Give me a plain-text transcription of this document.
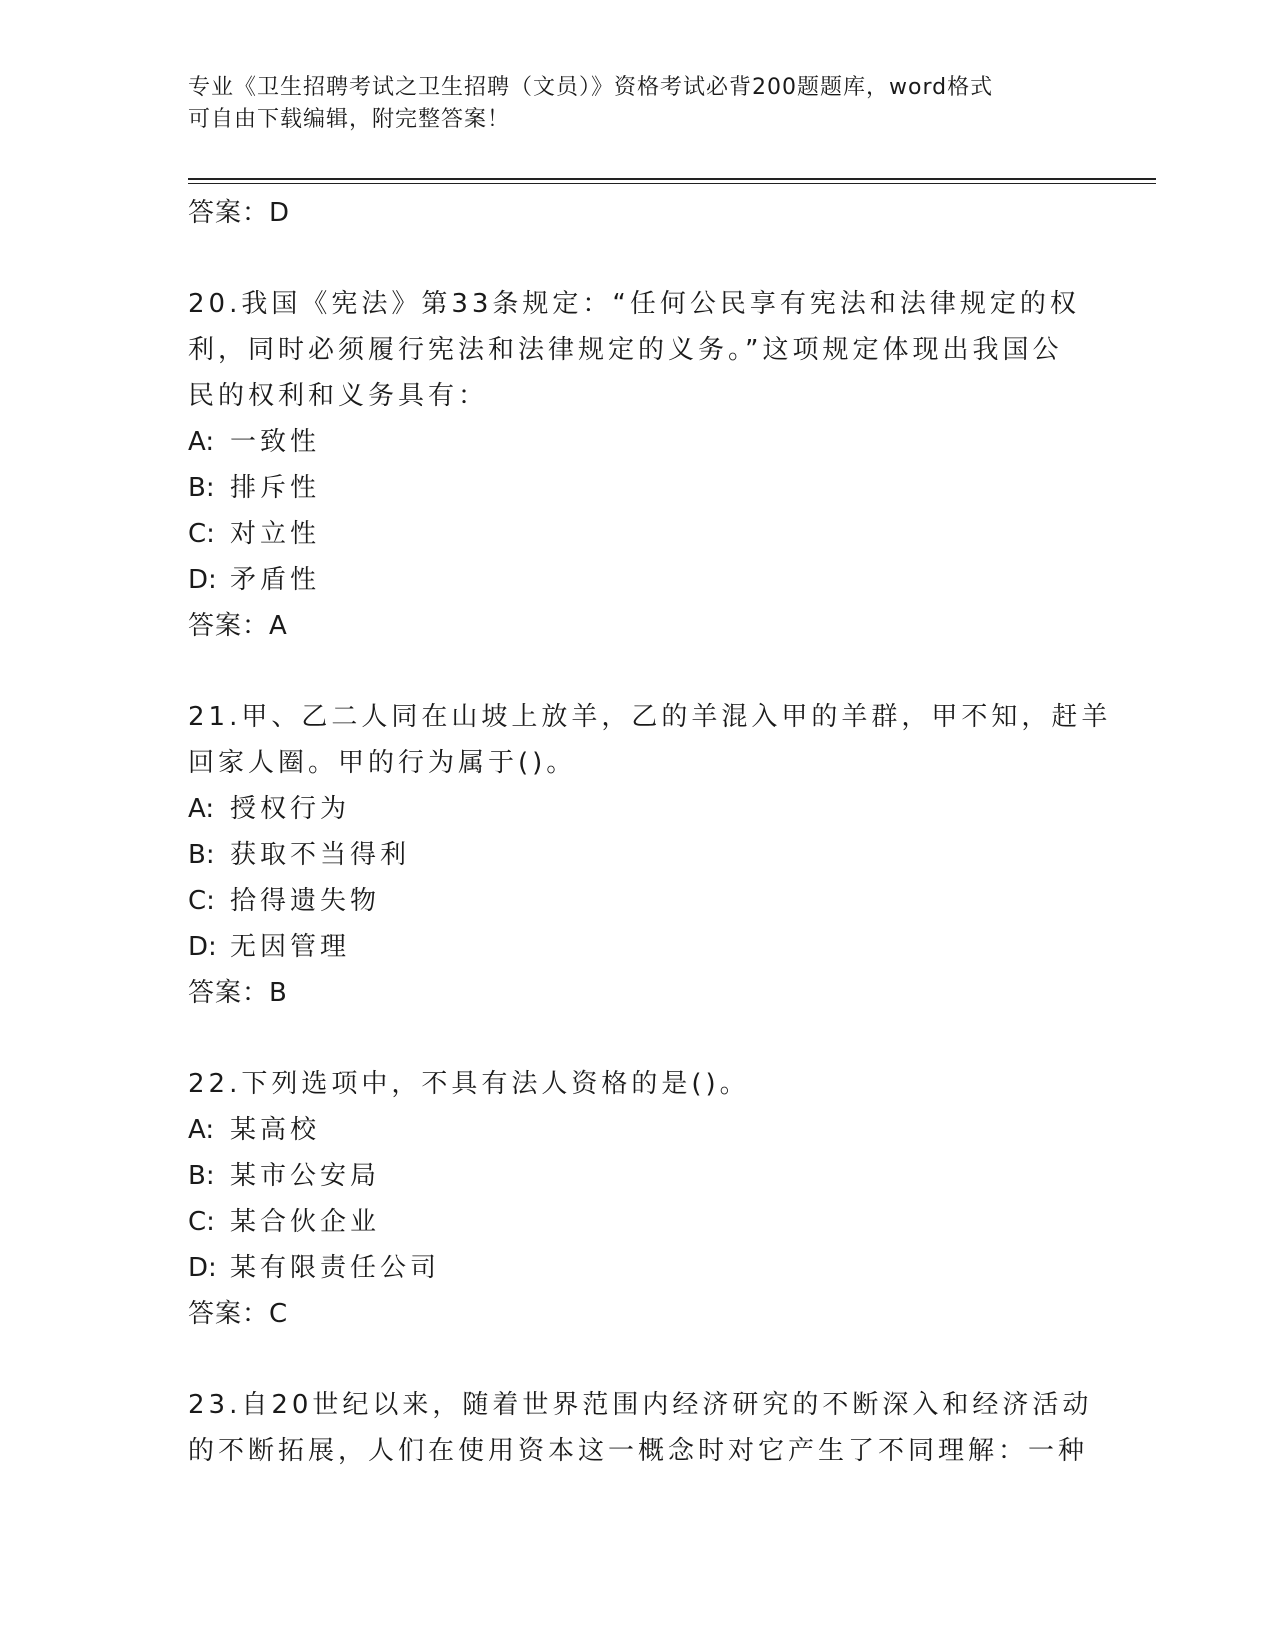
专业《卫生招聘考试之卫生招聘（文员）》资格考试必背200题题库，word格式
可自由下载编辑，附完整答案！
答案：D
20.我国《宪法》第33条规定：“任何公民享有宪法和法律规定的权
利，同时必须履行宪法和法律规定的义务。”这项规定体现出我国公
民的权利和义务具有：
A: 一致性
B: 排斥性
C: 对立性
D: 矛盾性
答案：A
21.甲、乙二人同在山坡上放羊，乙的羊混入甲的羊群，甲不知，赶羊
回家人圈。甲的行为属于()。
A: 授权行为
B: 获取不当得利
C: 拾得遗失物
D: 无因管理
答案：B
22.下列选项中，不具有法人资格的是()。
A: 某高校
B: 某市公安局
C: 某合伙企业
D: 某有限责任公司
答案：C
23.自20世纪以来，随着世界范围内经济研究的不断深入和经济活动
的不断拓展，人们在使用资本这一概念时对它产生了不同理解：一种
